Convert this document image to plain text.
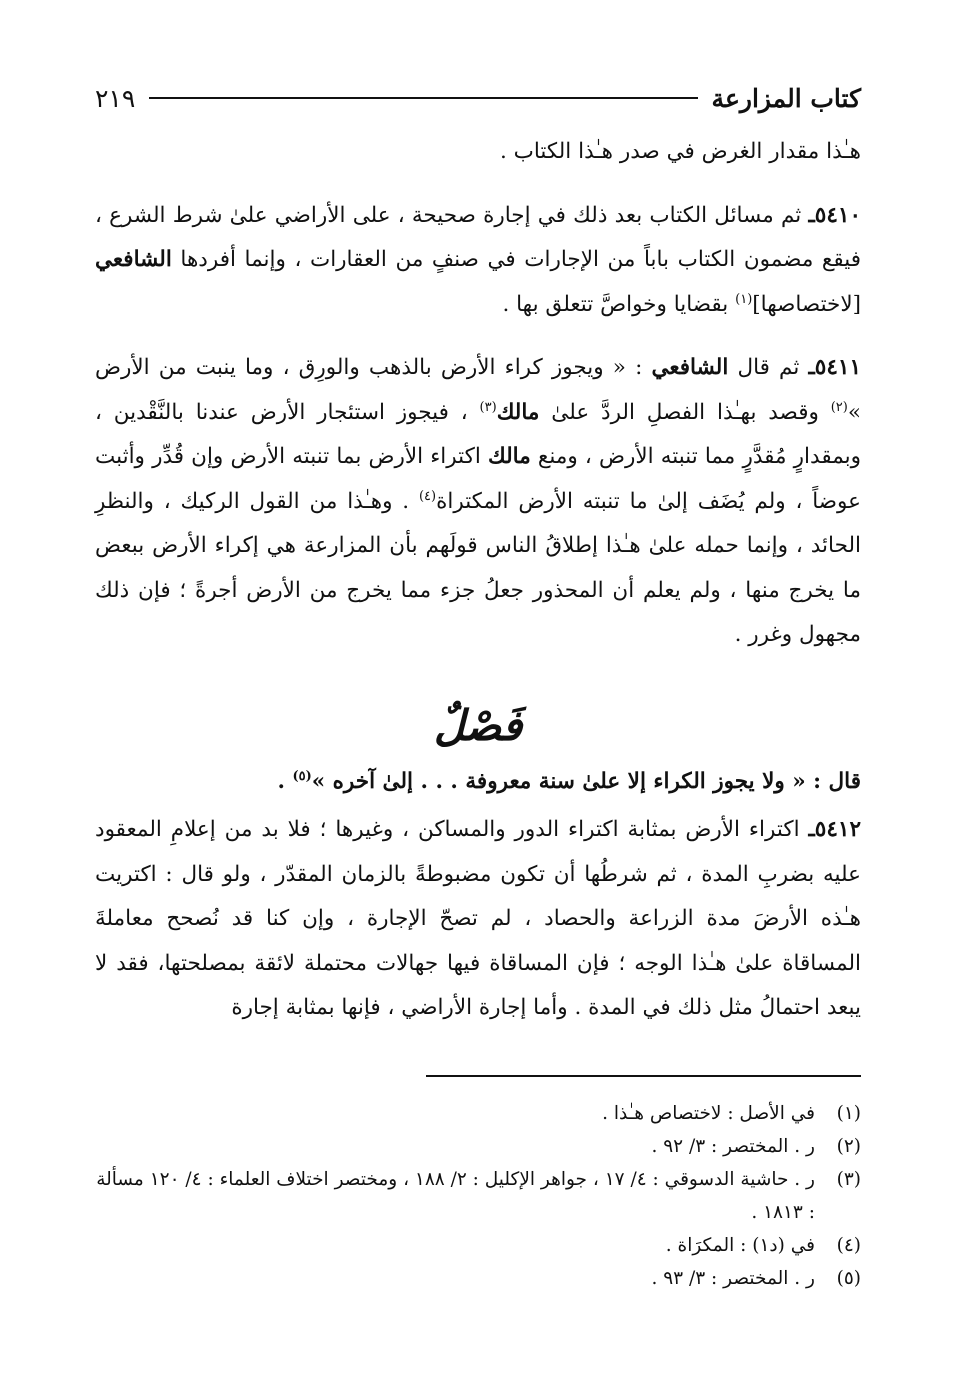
كتاب المزارعة
٢١٩

هـٰذا مقدار الغرض في صدر هـٰذا الكتاب .

٥٤١٠ـ ثم مسائل الكتاب بعد ذلك في إجارة صحيحة ، على الأراضي علىٰ شرط الشرع ، فيقع مضمون الكتاب باباً من الإجارات في صنفٍ من العقارات ، وإنما أفردها الشافعي [لاختصاصها]$^{(١)}$ بقضايا وخواصَّ تتعلق بها .

٥٤١١ـ ثم قال الشافعي : « ويجوز كراء الأرض بالذهب والورِق ، وما ينبت من الأرض »$^{(٢)}$ وقصد بهـٰذا الفصلِ الردَّ علىٰ مالك$^{(٣)}$ ، فيجوز استئجار الأرض عندنا بالنَّقْدين ، وبمقدارٍ مُقدَّرٍ مما تنبته الأرض ، ومنع مالك اكتراء الأرض بما تنبته الأرض وإن قُدِّر وأثبت عوضاً ، ولم يُضَف إلىٰ ما تنبته الأرض المكتراة$^{(٤)}$ . وهـٰذا من القول الركيك ، والنظرِ الحائد ، وإنما حمله علىٰ هـٰذا إطلاقُ الناس قولَهم بأن المزارعة هي إكراء الأرض ببعض ما يخرج منها ، ولم يعلم أن المحذور جعلُ جزء مما يخرج من الأرض أجرةً ؛ فإن ذلك مجهول وغرر .

فَصْلٌ

قال : « ولا يجوز الكراء إلا علىٰ سنة معروفة . . . إلىٰ آخره »$^{(٥)}$ .

٥٤١٢ـ اكتراء الأرض بمثابة اكتراء الدور والمساكن ، وغيرها ؛ فلا بد من إعلامِ المعقود عليه بضربِ المدة ، ثم شرطُها أن تكون مضبوطةً بالزمان المقدّر ، ولو قال : اكتريت هـٰذه الأرضَ مدة الزراعة والحصاد ، لم تصحّ الإجارة ، وإن كنا قد نُصحح معاملةَ المساقاة علىٰ هـٰذا الوجه ؛ فإن المساقاة فيها جهالات محتملة لائقة بمصلحتها، فقد لا يبعد احتمالُ مثل ذلك في المدة . وأما إجارة الأراضي ، فإنها بمثابة إجارة

(١)
في الأصل : لاختصاص هـٰذا .
(٢)
ر . المختصر : ٣/ ٩٢ .
(٣)
ر . حاشية الدسوقي : ٤/ ١٧ ، جواهر الإكليل : ٢/ ١٨٨ ، ومختصر اختلاف العلماء : ٤/ ١٢٠ مسألة : ١٨١٣ .
(٤)
في (د١) : المكرَاة .
(٥)
ر . المختصر : ٣/ ٩٣ .
